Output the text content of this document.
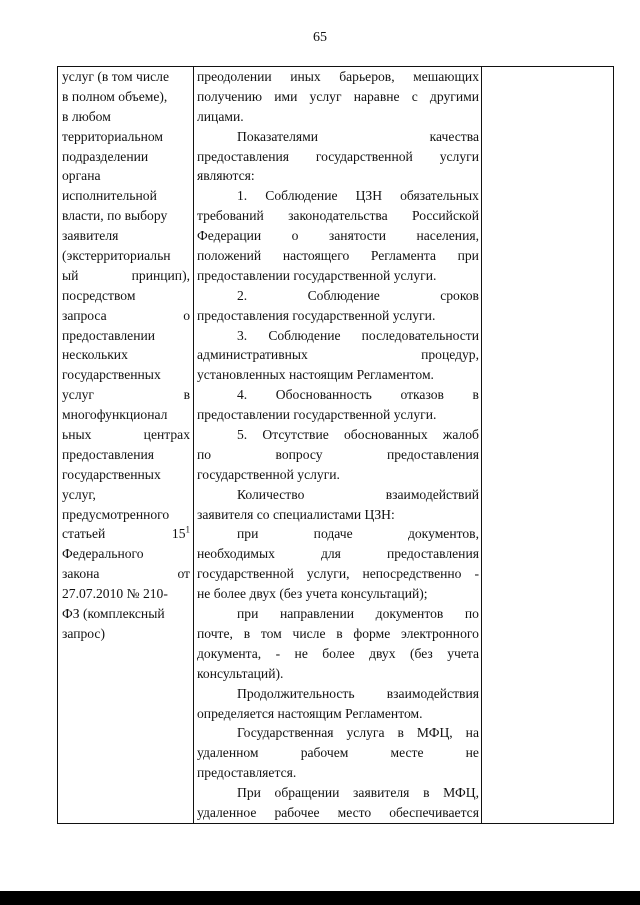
65
услуг (в том числе
в полном объеме),
в любом
территориальном
подразделении
органа
исполнительной
власти, по выбору
заявителя
(экстерриториальн
ый	принцип),
посредством
запроса	о
предоставлении
нескольких
государственных
услуг	в
многофункционал
ьных	центрах
предоставления
государственных
услуг,
предусмотренного
статьей	$15^1$
Федерального
закона	от
27.07.2010 № 210-
ФЗ (комплексный
запрос)

преодолении иных барьеров, мешающих
получению ими услуг наравне с другими
лицами.
Показателями	качества
предоставления государственной услуги
являются:
1. Соблюдение ЦЗН обязательных
требований законодательства Российской
Федерации о занятости населения,
положений настоящего Регламента при
предоставлении государственной услуги.
2.	Соблюдение	сроков
предоставления государственной услуги.
3. Соблюдение последовательности
административных	процедур,
установленных настоящим Регламентом.
4. Обоснованность отказов в
предоставлении государственной услуги.
5. Отсутствие обоснованных жалоб
по	вопросу	предоставления
государственной услуги.
Количество	взаимодействий
заявителя со специалистами ЦЗН:
при	подаче	документов,
необходимых	для	предоставления
государственной услуги, непосредственно -
не более двух (без учета консультаций);
при направлении документов по
почте, в том числе в форме электронного
документа, - не более двух (без учета
консультаций).
Продолжительность взаимодействия
определяется настоящим Регламентом.
Государственная услуга в МФЦ, на
удаленном	рабочем	месте	не
предоставляется.
При обращении заявителя в МФЦ,
удаленное рабочее место обеспечивается
